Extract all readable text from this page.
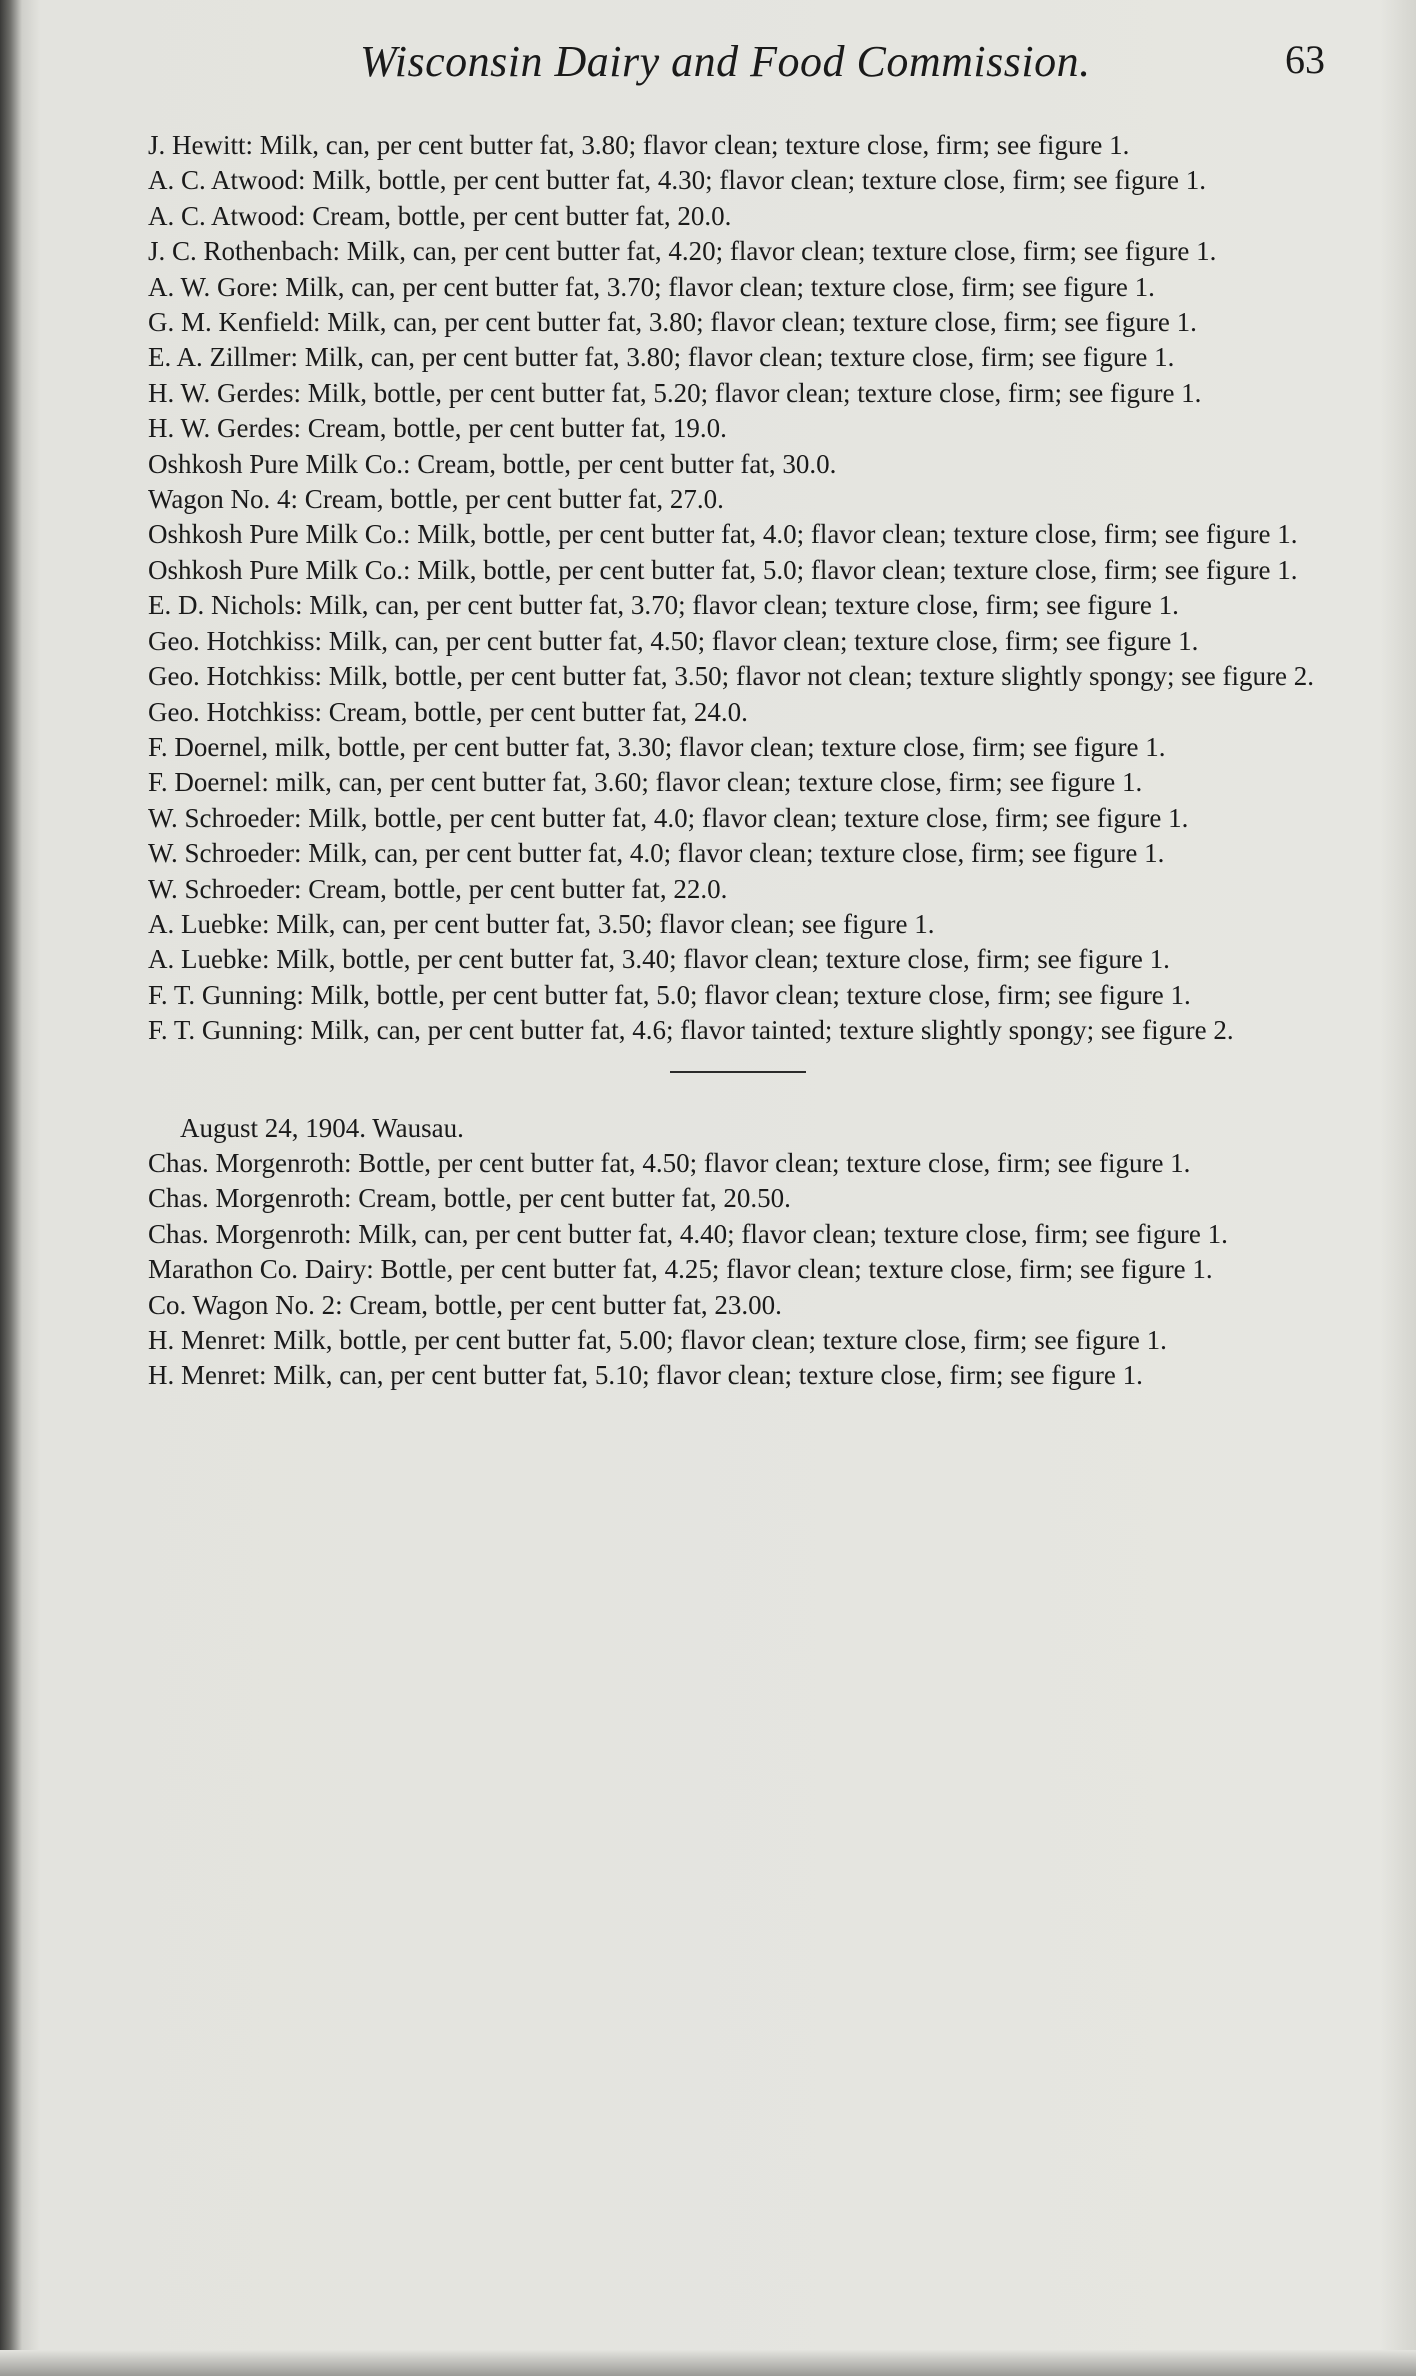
Wisconsin Dairy and Food Commission.	63
J. Hewitt: Milk, can, per cent butter fat, 3.80; flavor clean; texture close, firm; see figure 1.
A. C. Atwood: Milk, bottle, per cent butter fat, 4.30; flavor clean; texture close, firm; see figure 1.
A. C. Atwood: Cream, bottle, per cent butter fat, 20.0.
J. C. Rothenbach: Milk, can, per cent butter fat, 4.20; flavor clean; texture close, firm; see figure 1.
A. W. Gore: Milk, can, per cent butter fat, 3.70; flavor clean; texture close, firm; see figure 1.
G. M. Kenfield: Milk, can, per cent butter fat, 3.80; flavor clean; texture close, firm; see figure 1.
E. A. Zillmer: Milk, can, per cent butter fat, 3.80; flavor clean; texture close, firm; see figure 1.
H. W. Gerdes: Milk, bottle, per cent butter fat, 5.20; flavor clean; texture close, firm; see figure 1.
H. W. Gerdes: Cream, bottle, per cent butter fat, 19.0.
Oshkosh Pure Milk Co.: Cream, bottle, per cent butter fat, 30.0.
Wagon No. 4: Cream, bottle, per cent butter fat, 27.0.
Oshkosh Pure Milk Co.: Milk, bottle, per cent butter fat, 4.0; flavor clean; texture close, firm; see figure 1.
Oshkosh Pure Milk Co.: Milk, bottle, per cent butter fat, 5.0; flavor clean; texture close, firm; see figure 1.
E. D. Nichols: Milk, can, per cent butter fat, 3.70; flavor clean; texture close, firm; see figure 1.
Geo. Hotchkiss: Milk, can, per cent butter fat, 4.50; flavor clean; texture close, firm; see figure 1.
Geo. Hotchkiss: Milk, bottle, per cent butter fat, 3.50; flavor not clean; texture slightly spongy; see figure 2.
Geo. Hotchkiss: Cream, bottle, per cent butter fat, 24.0.
F. Doernel, milk, bottle, per cent butter fat, 3.30; flavor clean; texture close, firm; see figure 1.
F. Doernel: milk, can, per cent butter fat, 3.60; flavor clean; texture close, firm; see figure 1.
W. Schroeder: Milk, bottle, per cent butter fat, 4.0; flavor clean; texture close, firm; see figure 1.
W. Schroeder: Milk, can, per cent butter fat, 4.0; flavor clean; texture close, firm; see figure 1.
W. Schroeder: Cream, bottle, per cent butter fat, 22.0.
A. Luebke: Milk, can, per cent butter fat, 3.50; flavor clean; see figure 1.
A. Luebke: Milk, bottle, per cent butter fat, 3.40; flavor clean; texture close, firm; see figure 1.
F. T. Gunning: Milk, bottle, per cent butter fat, 5.0; flavor clean; texture close, firm; see figure 1.
F. T. Gunning: Milk, can, per cent butter fat, 4.6; flavor tainted; texture slightly spongy; see figure 2.
August 24, 1904. Wausau.
Chas. Morgenroth: Bottle, per cent butter fat, 4.50; flavor clean; texture close, firm; see figure 1.
Chas. Morgenroth: Cream, bottle, per cent butter fat, 20.50.
Chas. Morgenroth: Milk, can, per cent butter fat, 4.40; flavor clean; texture close, firm; see figure 1.
Marathon Co. Dairy: Bottle, per cent butter fat, 4.25; flavor clean; texture close, firm; see figure 1.
Co. Wagon No. 2: Cream, bottle, per cent butter fat, 23.00.
H. Menret: Milk, bottle, per cent butter fat, 5.00; flavor clean; texture close, firm; see figure 1.
H. Menret: Milk, can, per cent butter fat, 5.10; flavor clean; texture close, firm; see figure 1.
